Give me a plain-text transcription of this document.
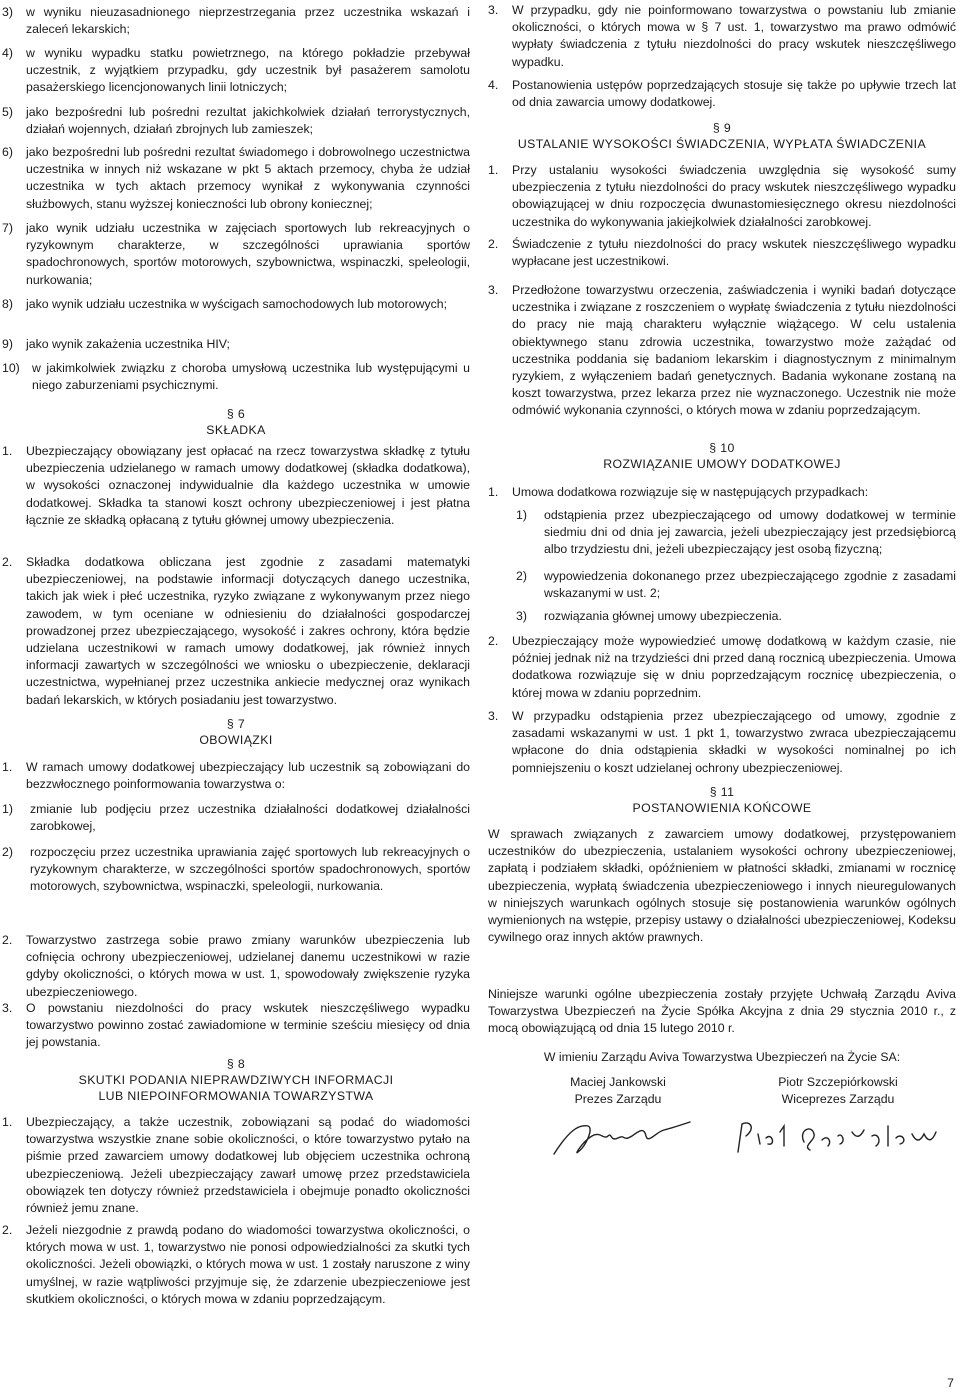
3)	w wyniku nieuzasadnionego nieprzestrzegania przez uczestnika wskazań i zaleceń lekarskich;
4)	w wyniku wypadku statku powietrznego, na którego pokładzie przebywał uczestnik, z wyjątkiem przypadku, gdy uczestnik był pasażerem samolotu pasażerskiego licencjonowanych linii lotniczych;
5)	jako bezpośredni lub pośredni rezultat jakichkolwiek działań terrorystycznych, działań wojennych, działań zbrojnych lub zamieszek;
6)	jako bezpośredni lub pośredni rezultat świadomego i dobrowolnego uczestnictwa uczestnika w innych niż wskazane w pkt 5 aktach przemocy, chyba że udział uczestnika w tych aktach przemocy wynikał z wykonywania czynności służbowych, stanu wyższej konieczności lub obrony koniecznej;
7)	jako wynik udziału uczestnika w zajęciach sportowych lub rekreacyjnych o ryzykownym charakterze, w szczególności uprawiania sportów spadochronowych, sportów motorowych, szybownictwa, wspinaczki, speleologii, nurkowania;
8)	jako wynik udziału uczestnika w wyścigach samochodowych lub motorowych;
9)	jako wynik zakażenia uczestnika HIV;
10) w jakimkolwiek związku z choroba umysłową uczestnika lub występującymi u niego zaburzeniami psychicznymi.
§ 6
SKŁADKA
1.	Ubezpieczający obowiązany jest opłacać na rzecz towarzystwa składkę z tytułu ubezpieczenia udzielanego w ramach umowy dodatkowej (składka dodatkowa), w wysokości oznaczonej indywidualnie dla każdego uczestnika w umowie dodatkowej. Składka ta stanowi koszt ochrony ubezpieczeniowej i jest płatna łącznie ze składką opłacaną z tytułu głównej umowy ubezpieczenia.
2.	Składka dodatkowa obliczana jest zgodnie z zasadami matematyki ubezpieczeniowej, na podstawie informacji dotyczących danego uczestnika, takich jak wiek i płeć uczestnika, ryzyko związane z wykonywanym przez niego zawodem, w tym oceniane w odniesieniu do działalności gospodarczej prowadzonej przez ubezpieczającego, wysokość i zakres ochrony, która będzie udzielana uczestnikowi w ramach umowy dodatkowej, jak również innych informacji zawartych w szczególności we wniosku o ubezpieczenie, deklaracji uczestnictwa, wypełnianej przez uczestnika ankiecie medycznej oraz wynikach badań lekarskich, w których posiadaniu jest towarzystwo.
§ 7
OBOWIĄZKI
1.	W ramach umowy dodatkowej ubezpieczający lub uczestnik są zobowiązani do bezzwłocznego poinformowania towarzystwa o:
1)	zmianie lub podjęciu przez uczestnika działalności dodatkowej działalności zarobkowej,
2)	rozpoczęciu przez uczestnika uprawiania zajęć sportowych lub rekreacyjnych o ryzykownym charakterze, w szczególności sportów spadochronowych, sportów motorowych, szybownictwa, wspinaczki, speleologii, nurkowania.
2.	Towarzystwo zastrzega sobie prawo zmiany warunków ubezpieczenia lub cofnięcia ochrony ubezpieczeniowej, udzielanej danemu uczestnikowi w razie gdyby okoliczności, o których mowa w ust. 1, spowodowały zwiększenie ryzyka ubezpieczeniowego.
3.	O powstaniu niezdolności do pracy wskutek nieszczęśliwego wypadku towarzystwo powinno zostać zawiadomione w terminie sześciu miesięcy od dnia jej powstania.
§ 8
SKUTKI PODANIA NIEPRAWDZIWYCH INFORMACJI
LUB NIEPOINFORMOWANIA TOWARZYSTWA
1.	Ubezpieczający, a także uczestnik, zobowiązani są podać do wiadomości towarzystwa wszystkie znane sobie okoliczności, o które towarzystwo pytało na piśmie przed zawarciem umowy dodatkowej lub objęciem uczestnika ochroną ubezpieczeniową. Jeżeli ubezpieczający zawarł umowę przez przedstawiciela obowiązek ten dotyczy również przedstawiciela i obejmuje ponadto okoliczności również jemu znane.
2.	Jeżeli niezgodnie z prawdą podano do wiadomości towarzystwa okoliczności, o których mowa w ust. 1, towarzystwo nie ponosi odpowiedzialności za skutki tych okoliczności. Jeżeli obowiązki, o których mowa w ust. 1 zostały naruszone z winy umyślnej, w razie wątpliwości przyjmuje się, że zdarzenie ubezpieczeniowe jest skutkiem okoliczności, o których mowa w zdaniu poprzedzającym.
3.	W przypadku, gdy nie poinformowano towarzystwa o powstaniu lub zmianie okoliczności, o których mowa w § 7 ust. 1, towarzystwo ma prawo odmówić wypłaty świadczenia z tytułu niezdolności do pracy wskutek nieszczęśliwego wypadku.
4.	Postanowienia ustępów poprzedzających stosuje się także po upływie trzech lat od dnia zawarcia umowy dodatkowej.
§ 9
USTALANIE WYSOKOŚCI ŚWIADCZENIA, WYPŁATA ŚWIADCZENIA
1.	Przy ustalaniu wysokości świadczenia uwzględnia się wysokość sumy ubezpieczenia z tytułu niezdolności do pracy wskutek nieszczęśliwego wypadku obowiązującej w dniu rozpoczęcia dwunastomiesięcznego okresu niezdolności uczestnika do wykonywania jakiejkolwiek działalności zarobkowej.
2.	Świadczenie z tytułu niezdolności do pracy wskutek nieszczęśliwego wypadku wypłacane jest uczestnikowi.
3.	Przedłożone towarzystwu orzeczenia, zaświadczenia i wyniki badań dotyczące uczestnika i związane z roszczeniem o wypłatę świadczenia z tytułu niezdolności do pracy nie mają charakteru wyłącznie wiążącego. W celu ustalenia obiektywnego stanu zdrowia uczestnika, towarzystwo może zażądać od uczestnika poddania się badaniom lekarskim i diagnostycznym z minimalnym ryzykiem, z wyłączeniem badań genetycznych. Badania wykonane zostaną na koszt towarzystwa, przez lekarza przez nie wyznaczonego. Uczestnik nie może odmówić wykonania czynności, o których mowa w zdaniu poprzedzającym.
§ 10
ROZWIĄZANIE UMOWY DODATKOWEJ
1.	Umowa dodatkowa rozwiązuje się w następujących przypadkach:
1)	odstąpienia przez ubezpieczającego od umowy dodatkowej w terminie siedmiu dni od dnia jej zawarcia, jeżeli ubezpieczający jest przedsiębiorcą albo trzydziestu dni, jeżeli ubezpieczający jest osobą fizyczną;
2)	wypowiedzenia dokonanego przez ubezpieczającego zgodnie z zasadami wskazanymi w ust. 2;
3)	rozwiązania głównej umowy ubezpieczenia.
2.	Ubezpieczający może wypowiedzieć umowę dodatkową w każdym czasie, nie później jednak niż na trzydzieści dni przed daną rocznicą ubezpieczenia. Umowa dodatkowa rozwiązuje się w dniu poprzedzającym rocznicę ubezpieczenia, o której mowa w zdaniu poprzednim.
3.	W przypadku odstąpienia przez ubezpieczającego od umowy, zgodnie z zasadami wskazanymi w ust. 1 pkt 1, towarzystwo zwraca ubezpieczającemu wpłacone do dnia odstąpienia składki w wysokości nominalnej po ich pomniejszeniu o koszt udzielanej ochrony ubezpieczeniowej.
§ 11
POSTANOWIENIA KOŃCOWE
W sprawach związanych z zawarciem umowy dodatkowej, przystępowaniem uczestników do ubezpieczenia, ustalaniem wysokości ochrony ubezpieczeniowej, zapłatą i podziałem składki, opóźnieniem w płatności składki, zmianami w rocznicę ubezpieczenia, wypłatą świadczenia ubezpieczeniowego i innych nieuregulowanych w niniejszych warunkach ogólnych stosuje się postanowienia warunków ogólnych wymienionych na wstępie, przepisy ustawy o działalności ubezpieczeniowej, Kodeksu cywilnego oraz innych aktów prawnych.
Niniejsze warunki ogólne ubezpieczenia zostały przyjęte Uchwałą Zarządu Aviva Towarzystwa Ubezpieczeń na Życie Spółka Akcyjna z dnia 29 stycznia 2010 r., z mocą obowiązującą od dnia 15 lutego 2010 r.
W imieniu Zarządu Aviva Towarzystwa Ubezpieczeń na Życie SA:
Maciej Jankowski
Prezes Zarządu
Piotr Szczepiórkowski
Wiceprezes Zarządu
7
